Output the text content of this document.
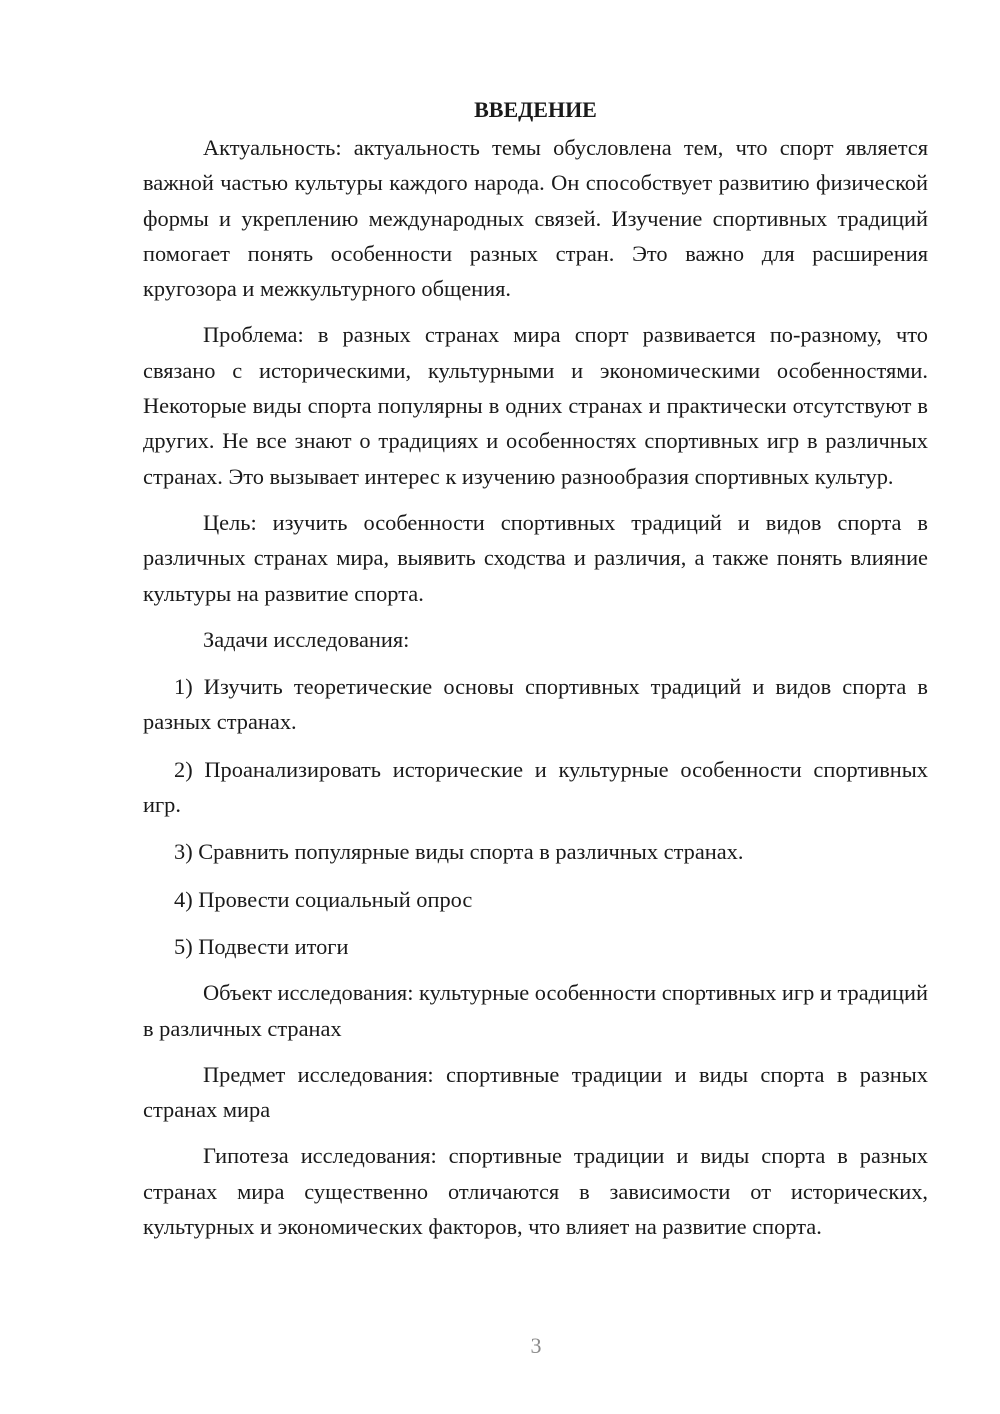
ВВЕДЕНИЕ

Актуальность: актуальность темы обусловлена тем, что спорт является важной частью культуры каждого народа. Он способствует развитию физической формы и укреплению международных связей. Изучение спортивных традиций помогает понять особенности разных стран. Это важно для расширения кругозора и межкультурного общения.

Проблема: в разных странах мира спорт развивается по-разному, что связано с историческими, культурными и экономическими особенностями. Некоторые виды спорта популярны в одних странах и практически отсутствуют в других. Не все знают о традициях и особенностях спортивных игр в различных странах. Это вызывает интерес к изучению разнообразия спортивных культур.

Цель: изучить особенности спортивных традиций и видов спорта в различных странах мира, выявить сходства и различия, а также понять влияние культуры на развитие спорта.

Задачи исследования:

1) Изучить теоретические основы спортивных традиций и видов спорта в разных странах.

2) Проанализировать исторические и культурные особенности спортивных игр.

3) Сравнить популярные виды спорта в различных странах.

4) Провести социальный опрос

5) Подвести итоги

Объект исследования: культурные особенности спортивных игр и традиций в различных странах

Предмет исследования: спортивные традиции и виды спорта в разных странах мира

Гипотеза исследования: спортивные традиции и виды спорта в разных странах мира существенно отличаются в зависимости от исторических, культурных и экономических факторов, что влияет на развитие спорта.

3
